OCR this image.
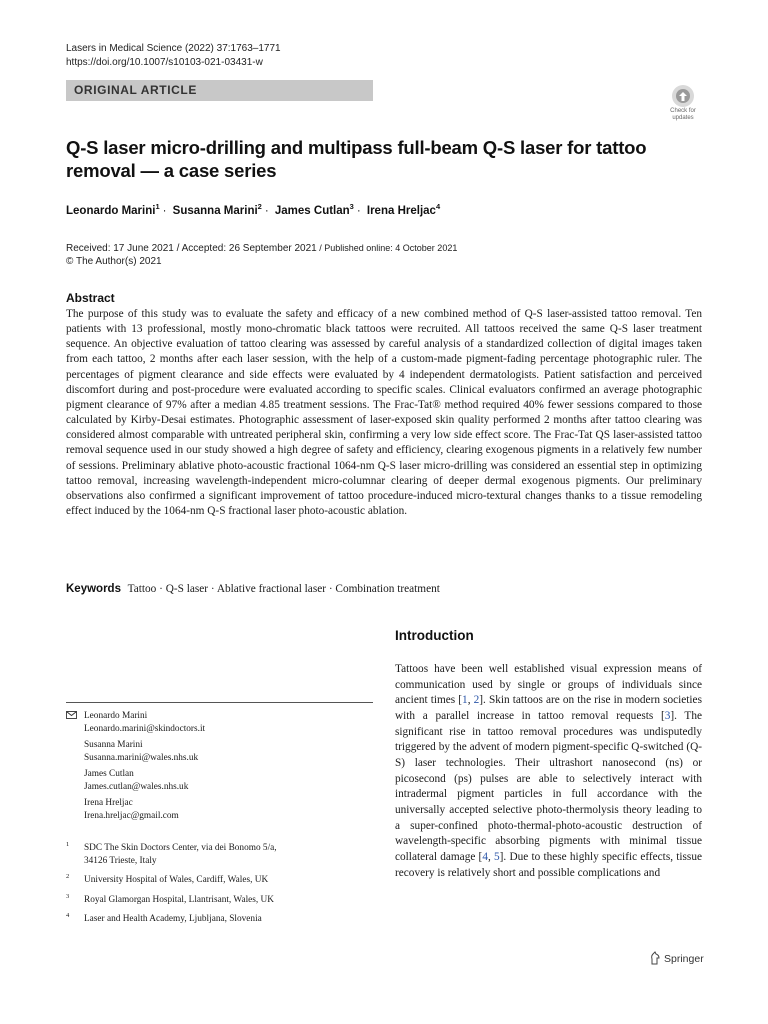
Lasers in Medical Science (2022) 37:1763–1771
https://doi.org/10.1007/s10103-021-03431-w
ORIGINAL ARTICLE
Check for
updates
Q-S laser micro-drilling and multipass full-beam Q-S laser for tattoo removal — a case series
Leonardo Marini$^1$ · Susanna Marini$^2$ · James Cutlan$^3$ · Irena Hreljac$^4$
Received: 17 June 2021 / Accepted: 26 September 2021 / Published online: 4 October 2021
© The Author(s) 2021
Abstract
The purpose of this study was to evaluate the safety and efficacy of a new combined method of Q-S laser-assisted tattoo removal. Ten patients with 13 professional, mostly mono-chromatic black tattoos were recruited. All tattoos received the same Q-S laser treatment sequence. An objective evaluation of tattoo clearing was assessed by careful analysis of a standardized collection of digital images taken from each tattoo, 2 months after each laser session, with the help of a custom-made pigment-fading percentage photographic ruler. The percentages of pigment clearance and side effects were evaluated by 4 independent dermatologists. Patient satisfaction and perceived discomfort during and post-procedure were evaluated according to specific scales. Clinical evaluators confirmed an average photographic pigment clearance of 97% after a median 4.85 treatment sessions. The Frac-Tat® method required 40% fewer sessions compared to those calculated by Kirby-Desai estimates. Photographic assessment of laser-exposed skin quality performed 2 months after tattoo clearing was considered almost comparable with untreated peripheral skin, confirming a very low side effect score. The Frac-Tat QS laser-assisted tattoo removal sequence used in our study showed a high degree of safety and efficiency, clearing exogenous pigments in a relatively few number of sessions. Preliminary ablative photo-acoustic fractional 1064-nm Q-S laser micro-drilling was considered an essential step in optimizing tattoo removal, increasing wavelength-independent micro-columnar clearing of deeper dermal exogenous pigments. Our preliminary observations also confirmed a significant improvement of tattoo procedure-induced micro-textural changes thanks to a tissue remodeling effect induced by the 1064-nm Q-S fractional laser photo-acoustic ablation.
Keywords Tattoo · Q-S laser · Ablative fractional laser · Combination treatment
Introduction
Tattoos have been well established visual expression means of communication used by single or groups of individuals since ancient times [1, 2]. Skin tattoos are on the rise in modern societies with a parallel increase in tattoo removal requests [3]. The significant rise in tattoo removal procedures was undisputedly triggered by the advent of modern pigment-specific Q-switched (Q-S) laser technologies. Their ultrashort nanosecond (ns) or picosecond (ps) pulses are able to selectively interact with intradermal pigment particles in full accordance with the universally accepted selective photo-thermolysis theory leading to a super-confined photo-thermal-photo-acoustic destruction of wavelength-specific absorbing pigments with minimal tissue collateral damage [4, 5]. Due to these highly specific effects, tissue recovery is relatively short and possible complications and
Leonardo Marini
Leonardo.marini@skindoctors.it
Susanna Marini
Susanna.marini@wales.nhs.uk
James Cutlan
James.cutlan@wales.nhs.uk
Irena Hreljac
Irena.hreljac@gmail.com
1 SDC The Skin Doctors Center, via dei Bonomo 5/a,
34126 Trieste, Italy
2 University Hospital of Wales, Cardiff, Wales, UK
3 Royal Glamorgan Hospital, Llantrisant, Wales, UK
4 Laser and Health Academy, Ljubljana, Slovenia
Springer
